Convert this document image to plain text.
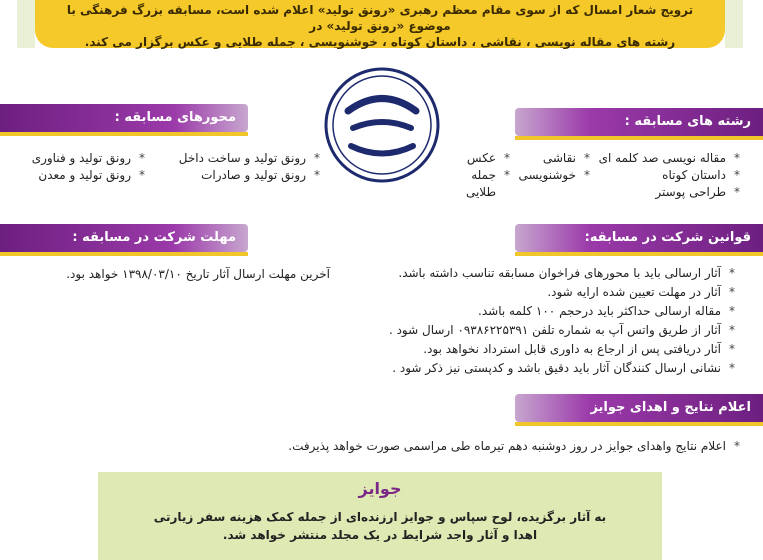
ترویج شعار امسال که از سوی مقام معظم رهبری «رونق تولید» اعلام شده است، مسابقه بزرگ فرهنگی با موضوع «رونق تولید» در
رشته های مقاله نویسی ، نقاشی ، داستان کوتاه ، خوشنویسی ، جمله طلایی و عکس برگزار می کند.
رشته های مسابقه :
* مقاله نویسی صد کلمه ای
* داستان کوتاه
* طراحی پوستر
* نقاشی
* خوشنویسی
* عکس
* جمله طلایی
محورهای مسابقه :
* رونق تولید و ساخت داخل
* رونق تولید و صادرات
* رونق تولید و فناوری
* رونق تولید و معدن
قوانین شرکت در مسابقه:
* آثار ارسالی باید با محورهای فراخوان مسابقه تناسب داشته باشد.
* آثار در مهلت تعیین شده ارایه شود.
* مقاله ارسالی حداکثر باید درحجم ۱۰۰ کلمه باشد.
* آثار از طریق واتس آپ به شماره تلفن ۰۹۳۸۶۲۲۵۳۹۱ ارسال شود .
* آثار دریافتی پس از ارجاع به داوری قابل استرداد نخواهد بود.
* نشانی ارسال کنندگان آثار باید دقیق باشد و کدپستی نیز ذکر شود .
مهلت شرکت در مسابقه :
آخرین مهلت ارسال آثار تاریخ ۱۳۹۸/۰۳/۱۰ خواهد بود.
اعلام نتایج و اهدای جوایز
* اعلام نتایج واهدای جوایز در روز دوشنبه دهم تیرماه طی مراسمی صورت خواهد پذیرفت.
جوایز
به آثار برگزیده، لوح سپاس و جوایز ارزنده‌ای از جمله کمک هزینه سفر زیارتی
اهدا و آثار واجد شرایط در یک مجلد منتشر خواهد شد.
